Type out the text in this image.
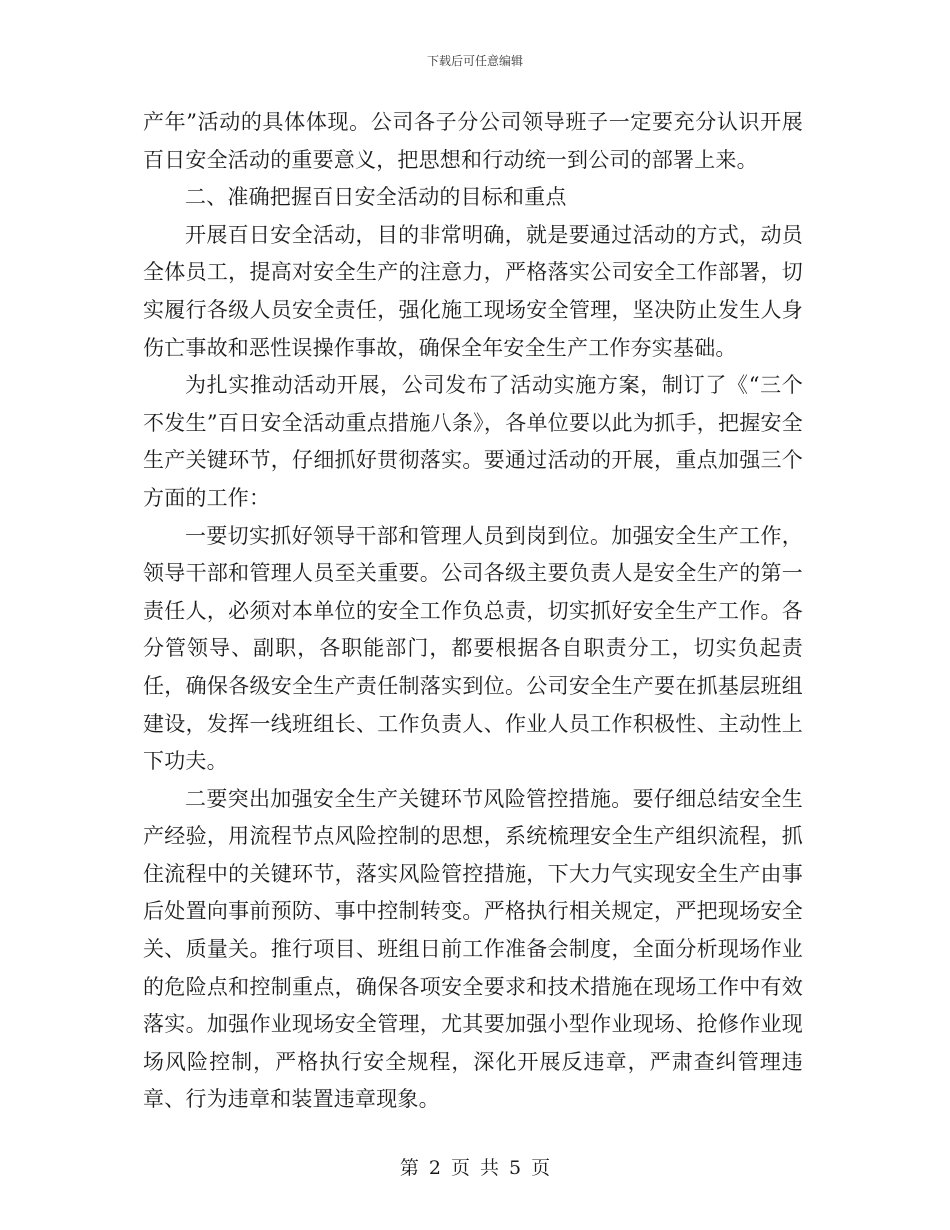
下载后可任意编辑

产年”活动的具体体现。公司各子分公司领导班子一定要充分认识开展百日安全活动的重要意义，把思想和行动统一到公司的部署上来。

二、准确把握百日安全活动的目标和重点

开展百日安全活动，目的非常明确，就是要通过活动的方式，动员全体员工，提高对安全生产的注意力，严格落实公司安全工作部署，切实履行各级人员安全责任，强化施工现场安全管理，坚决防止发生人身伤亡事故和恶性误操作事故，确保全年安全生产工作夯实基础。

为扎实推动活动开展，公司发布了活动实施方案，制订了《“三个不发生”百日安全活动重点措施八条》，各单位要以此为抓手，把握安全生产关键环节，仔细抓好贯彻落实。要通过活动的开展，重点加强三个方面的工作：

一要切实抓好领导干部和管理人员到岗到位。加强安全生产工作，领导干部和管理人员至关重要。公司各级主要负责人是安全生产的第一责任人，必须对本单位的安全工作负总责，切实抓好安全生产工作。各分管领导、副职，各职能部门，都要根据各自职责分工，切实负起责任，确保各级安全生产责任制落实到位。公司安全生产要在抓基层班组建设，发挥一线班组长、工作负责人、作业人员工作积极性、主动性上下功夫。

二要突出加强安全生产关键环节风险管控措施。要仔细总结安全生产经验，用流程节点风险控制的思想，系统梳理安全生产组织流程，抓住流程中的关键环节，落实风险管控措施，下大力气实现安全生产由事后处置向事前预防、事中控制转变。严格执行相关规定，严把现场安全关、质量关。推行项目、班组日前工作准备会制度，全面分析现场作业的危险点和控制重点，确保各项安全要求和技术措施在现场工作中有效落实。加强作业现场安全管理，尤其要加强小型作业现场、抢修作业现场风险控制，严格执行安全规程，深化开展反违章，严肃查纠管理违章、行为违章和装置违章现象。

第 2 页 共 5 页
